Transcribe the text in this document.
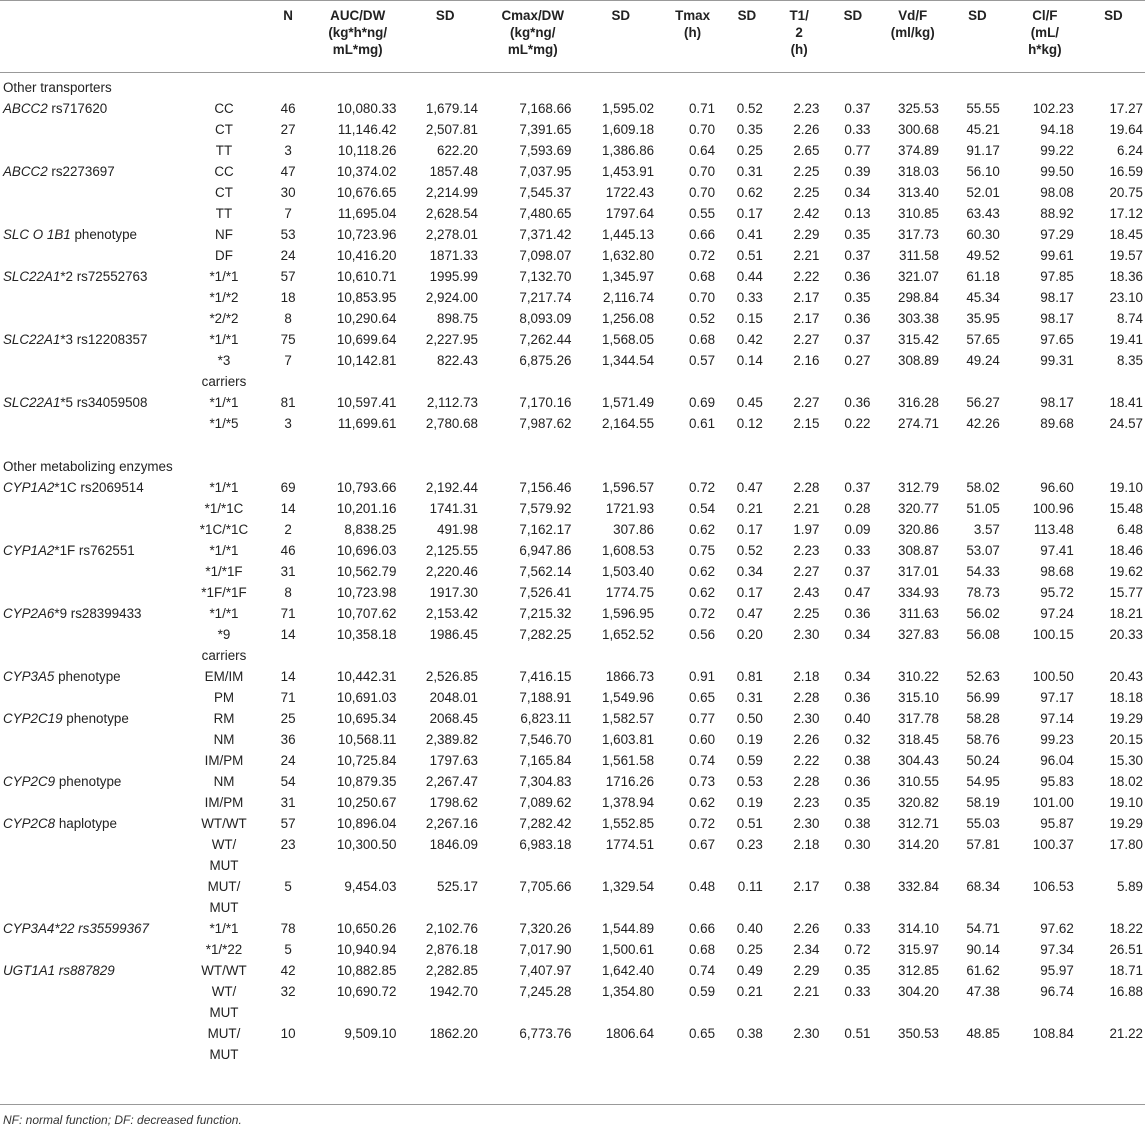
		N	AUC/DW
(kg*h*ng/
mL*mg)	SD	Cmax/DW
(kg*ng/
mL*mg)	SD	Tmax
(h)	SD	T1/
2
(h)	SD	Vd/F
(ml/kg)	SD	Cl/F
(mL/
h*kg)	SD
Other transporters														
ABCC2 rs717620	CC	46	10,080.33	1,679.14	7,168.66	1,595.02	0.71	0.52	2.23	0.37	325.53	55.55	102.23	17.27
	CT	27	11,146.42	2,507.81	7,391.65	1,609.18	0.70	0.35	2.26	0.33	300.68	45.21	94.18	19.64
	TT	3	10,118.26	622.20	7,593.69	1,386.86	0.64	0.25	2.65	0.77	374.89	91.17	99.22	6.24
ABCC2 rs2273697	CC	47	10,374.02	1857.48	7,037.95	1,453.91	0.70	0.31	2.25	0.39	318.03	56.10	99.50	16.59
	CT	30	10,676.65	2,214.99	7,545.37	1722.43	0.70	0.62	2.25	0.34	313.40	52.01	98.08	20.75
	TT	7	11,695.04	2,628.54	7,480.65	1797.64	0.55	0.17	2.42	0.13	310.85	63.43	88.92	17.12
SLC O 1B1 phenotype	NF	53	10,723.96	2,278.01	7,371.42	1,445.13	0.66	0.41	2.29	0.35	317.73	60.30	97.29	18.45
	DF	24	10,416.20	1871.33	7,098.07	1,632.80	0.72	0.51	2.21	0.37	311.58	49.52	99.61	19.57
SLC22A1*2 rs72552763	*1/*1	57	10,610.71	1995.99	7,132.70	1,345.97	0.68	0.44	2.22	0.36	321.07	61.18	97.85	18.36
	*1/*2	18	10,853.95	2,924.00	7,217.74	2,116.74	0.70	0.33	2.17	0.35	298.84	45.34	98.17	23.10
	*2/*2	8	10,290.64	898.75	8,093.09	1,256.08	0.52	0.15	2.17	0.36	303.38	35.95	98.17	8.74
SLC22A1*3 rs12208357	*1/*1	75	10,699.64	2,227.95	7,262.44	1,568.05	0.68	0.42	2.27	0.37	315.42	57.65	97.65	19.41
	*3	7	10,142.81	822.43	6,875.26	1,344.54	0.57	0.14	2.16	0.27	308.89	49.24	99.31	8.35
	carriers													
SLC22A1*5 rs34059508	*1/*1	81	10,597.41	2,112.73	7,170.16	1,571.49	0.69	0.45	2.27	0.36	316.28	56.27	98.17	18.41
	*1/*5	3	11,699.61	2,780.68	7,987.62	2,164.55	0.61	0.12	2.15	0.22	274.71	42.26	89.68	24.57

Other metabolizing enzymes														
CYP1A2*1C rs2069514	*1/*1	69	10,793.66	2,192.44	7,156.46	1,596.57	0.72	0.47	2.28	0.37	312.79	58.02	96.60	19.10
	*1/*1C	14	10,201.16	1741.31	7,579.92	1721.93	0.54	0.21	2.21	0.28	320.77	51.05	100.96	15.48
	*1C/*1C	2	8,838.25	491.98	7,162.17	307.86	0.62	0.17	1.97	0.09	320.86	3.57	113.48	6.48
CYP1A2*1F rs762551	*1/*1	46	10,696.03	2,125.55	6,947.86	1,608.53	0.75	0.52	2.23	0.33	308.87	53.07	97.41	18.46
	*1/*1F	31	10,562.79	2,220.46	7,562.14	1,503.40	0.62	0.34	2.27	0.37	317.01	54.33	98.68	19.62
	*1F/*1F	8	10,723.98	1917.30	7,526.41	1774.75	0.62	0.17	2.43	0.47	334.93	78.73	95.72	15.77
CYP2A6*9 rs28399433	*1/*1	71	10,707.62	2,153.42	7,215.32	1,596.95	0.72	0.47	2.25	0.36	311.63	56.02	97.24	18.21
	*9	14	10,358.18	1986.45	7,282.25	1,652.52	0.56	0.20	2.30	0.34	327.83	56.08	100.15	20.33
	carriers													
CYP3A5 phenotype	EM/IM	14	10,442.31	2,526.85	7,416.15	1866.73	0.91	0.81	2.18	0.34	310.22	52.63	100.50	20.43
	PM	71	10,691.03	2048.01	7,188.91	1,549.96	0.65	0.31	2.28	0.36	315.10	56.99	97.17	18.18
CYP2C19 phenotype	RM	25	10,695.34	2068.45	6,823.11	1,582.57	0.77	0.50	2.30	0.40	317.78	58.28	97.14	19.29
	NM	36	10,568.11	2,389.82	7,546.70	1,603.81	0.60	0.19	2.26	0.32	318.45	58.76	99.23	20.15
	IM/PM	24	10,725.84	1797.63	7,165.84	1,561.58	0.74	0.59	2.22	0.38	304.43	50.24	96.04	15.30
CYP2C9 phenotype	NM	54	10,879.35	2,267.47	7,304.83	1716.26	0.73	0.53	2.28	0.36	310.55	54.95	95.83	18.02
	IM/PM	31	10,250.67	1798.62	7,089.62	1,378.94	0.62	0.19	2.23	0.35	320.82	58.19	101.00	19.10
CYP2C8 haplotype	WT/WT	57	10,896.04	2,267.16	7,282.42	1,552.85	0.72	0.51	2.30	0.38	312.71	55.03	95.87	19.29
	WT/	23	10,300.50	1846.09	6,983.18	1774.51	0.67	0.23	2.18	0.30	314.20	57.81	100.37	17.80
	MUT													
	MUT/	5	9,454.03	525.17	7,705.66	1,329.54	0.48	0.11	2.17	0.38	332.84	68.34	106.53	5.89
	MUT													
CYP3A4*22 rs35599367	*1/*1	78	10,650.26	2,102.76	7,320.26	1,544.89	0.66	0.40	2.26	0.33	314.10	54.71	97.62	18.22
	*1/*22	5	10,940.94	2,876.18	7,017.90	1,500.61	0.68	0.25	2.34	0.72	315.97	90.14	97.34	26.51
UGT1A1 rs887829	WT/WT	42	10,882.85	2,282.85	7,407.97	1,642.40	0.74	0.49	2.29	0.35	312.85	61.62	95.97	18.71
	WT/	32	10,690.72	1942.70	7,245.28	1,354.80	0.59	0.21	2.21	0.33	304.20	47.38	96.74	16.88
	MUT													
	MUT/	10	9,509.10	1862.20	6,773.76	1806.64	0.65	0.38	2.30	0.51	350.53	48.85	108.84	21.22
	MUT													
NF: normal function; DF: decreased function.
